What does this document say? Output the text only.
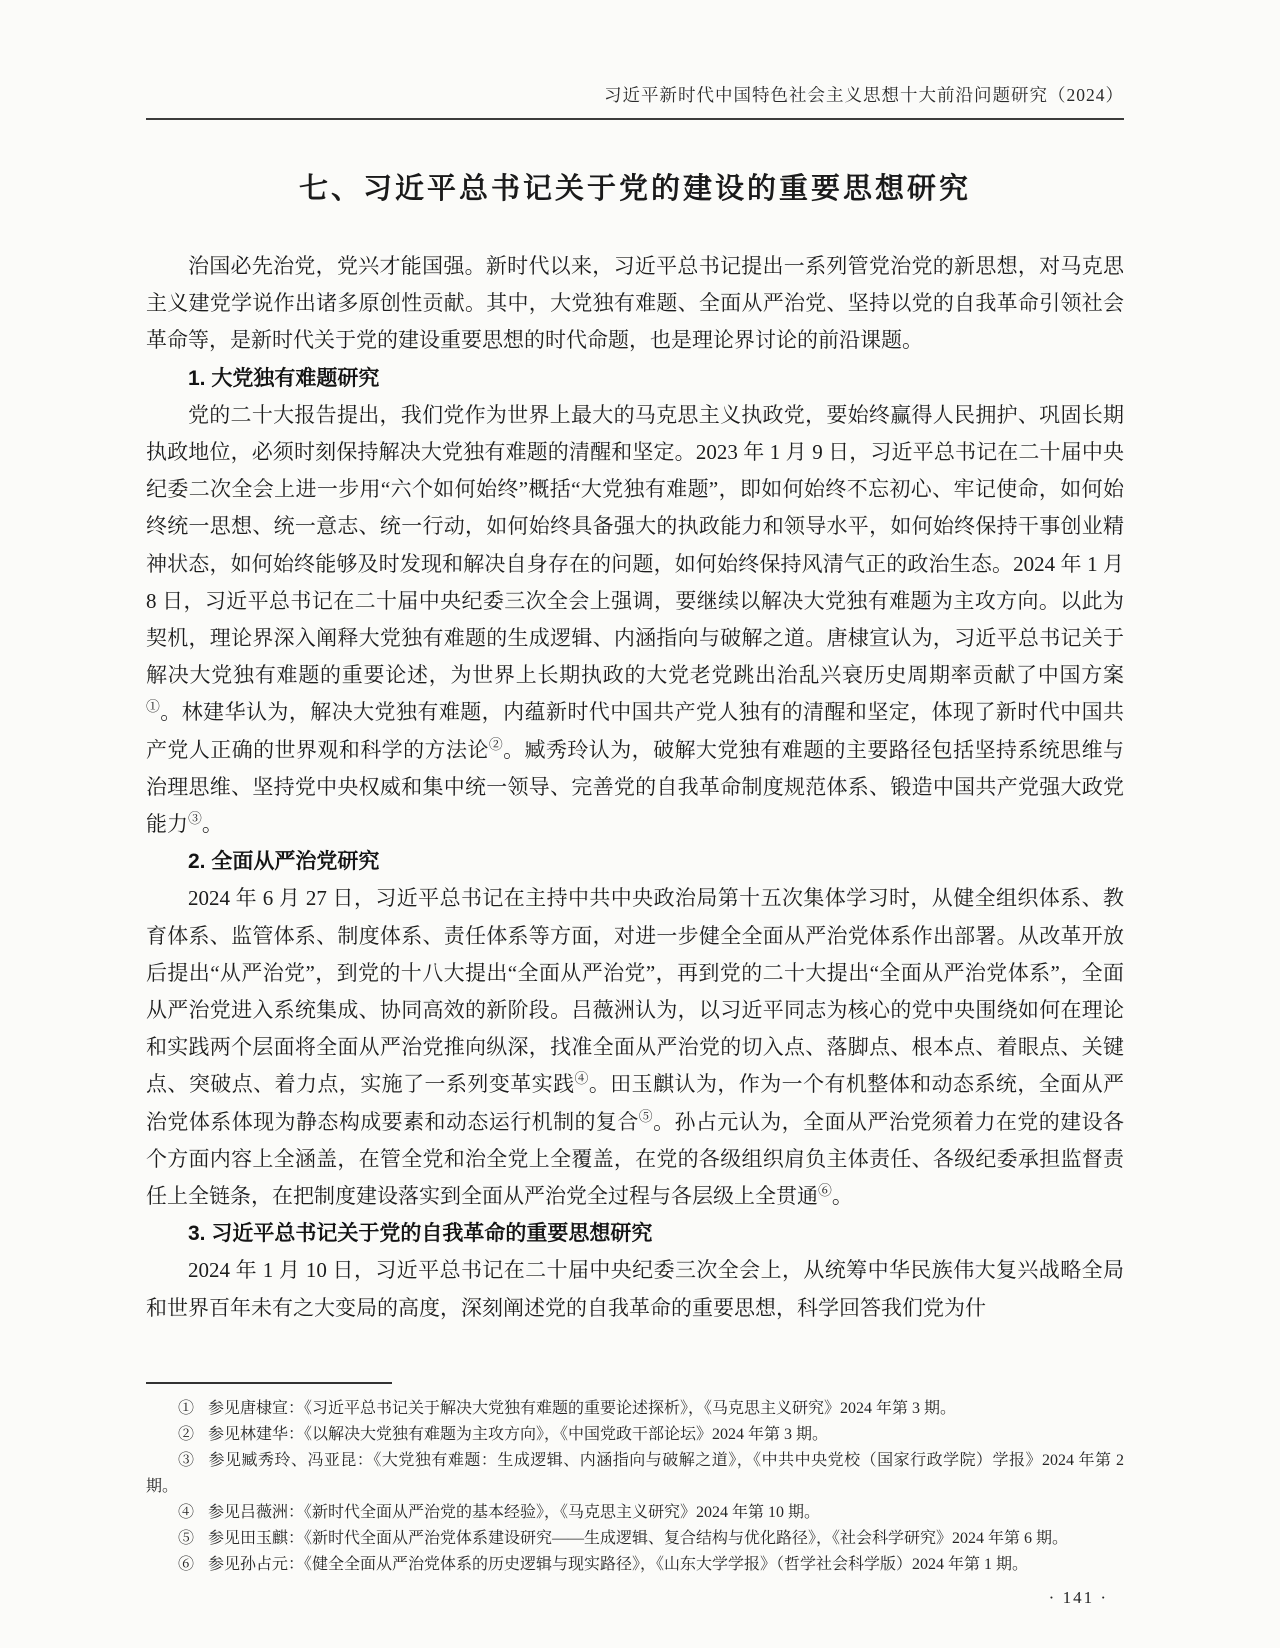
习近平新时代中国特色社会主义思想十大前沿问题研究（2024）
七、习近平总书记关于党的建设的重要思想研究

治国必先治党，党兴才能国强。新时代以来，习近平总书记提出一系列管党治党的新思想，对马克思主义建党学说作出诸多原创性贡献。其中，大党独有难题、全面从严治党、坚持以党的自我革命引领社会革命等，是新时代关于党的建设重要思想的时代命题，也是理论界讨论的前沿课题。

1. 大党独有难题研究

党的二十大报告提出，我们党作为世界上最大的马克思主义执政党，要始终赢得人民拥护、巩固长期执政地位，必须时刻保持解决大党独有难题的清醒和坚定。2023 年 1 月 9 日，习近平总书记在二十届中央纪委二次全会上进一步用“六个如何始终”概括“大党独有难题”，即如何始终不忘初心、牢记使命，如何始终统一思想、统一意志、统一行动，如何始终具备强大的执政能力和领导水平，如何始终保持干事创业精神状态，如何始终能够及时发现和解决自身存在的问题，如何始终保持风清气正的政治生态。2024 年 1 月 8 日，习近平总书记在二十届中央纪委三次全会上强调，要继续以解决大党独有难题为主攻方向。以此为契机，理论界深入阐释大党独有难题的生成逻辑、内涵指向与破解之道。唐棣宣认为，习近平总书记关于解决大党独有难题的重要论述，为世界上长期执政的大党老党跳出治乱兴衰历史周期率贡献了中国方案①。林建华认为，解决大党独有难题，内蕴新时代中国共产党人独有的清醒和坚定，体现了新时代中国共产党人正确的世界观和科学的方法论②。臧秀玲认为，破解大党独有难题的主要路径包括坚持系统思维与治理思维、坚持党中央权威和集中统一领导、完善党的自我革命制度规范体系、锻造中国共产党强大政党能力③。

2. 全面从严治党研究

2024 年 6 月 27 日，习近平总书记在主持中共中央政治局第十五次集体学习时，从健全组织体系、教育体系、监管体系、制度体系、责任体系等方面，对进一步健全全面从严治党体系作出部署。从改革开放后提出“从严治党”，到党的十八大提出“全面从严治党”，再到党的二十大提出“全面从严治党体系”，全面从严治党进入系统集成、协同高效的新阶段。吕薇洲认为，以习近平同志为核心的党中央围绕如何在理论和实践两个层面将全面从严治党推向纵深，找准全面从严治党的切入点、落脚点、根本点、着眼点、关键点、突破点、着力点，实施了一系列变革实践④。田玉麒认为，作为一个有机整体和动态系统，全面从严治党体系体现为静态构成要素和动态运行机制的复合⑤。孙占元认为，全面从严治党须着力在党的建设各个方面内容上全涵盖，在管全党和治全党上全覆盖，在党的各级组织肩负主体责任、各级纪委承担监督责任上全链条，在把制度建设落实到全面从严治党全过程与各层级上全贯通⑥。

3. 习近平总书记关于党的自我革命的重要思想研究

2024 年 1 月 10 日，习近平总书记在二十届中央纪委三次全会上，从统筹中华民族伟大复兴战略全局和世界百年未有之大变局的高度，深刻阐述党的自我革命的重要思想，科学回答我们党为什

① 参见唐棣宣：《习近平总书记关于解决大党独有难题的重要论述探析》，《马克思主义研究》2024 年第 3 期。

② 参见林建华：《以解决大党独有难题为主攻方向》，《中国党政干部论坛》2024 年第 3 期。

③ 参见臧秀玲、冯亚昆：《大党独有难题：生成逻辑、内涵指向与破解之道》，《中共中央党校（国家行政学院）学报》2024 年第 2 期。

④ 参见吕薇洲：《新时代全面从严治党的基本经验》，《马克思主义研究》2024 年第 10 期。

⑤ 参见田玉麒：《新时代全面从严治党体系建设研究——生成逻辑、复合结构与优化路径》，《社会科学研究》2024 年第 6 期。

⑥ 参见孙占元：《健全全面从严治党体系的历史逻辑与现实路径》，《山东大学学报》（哲学社会科学版）2024 年第 1 期。

· 141 ·
